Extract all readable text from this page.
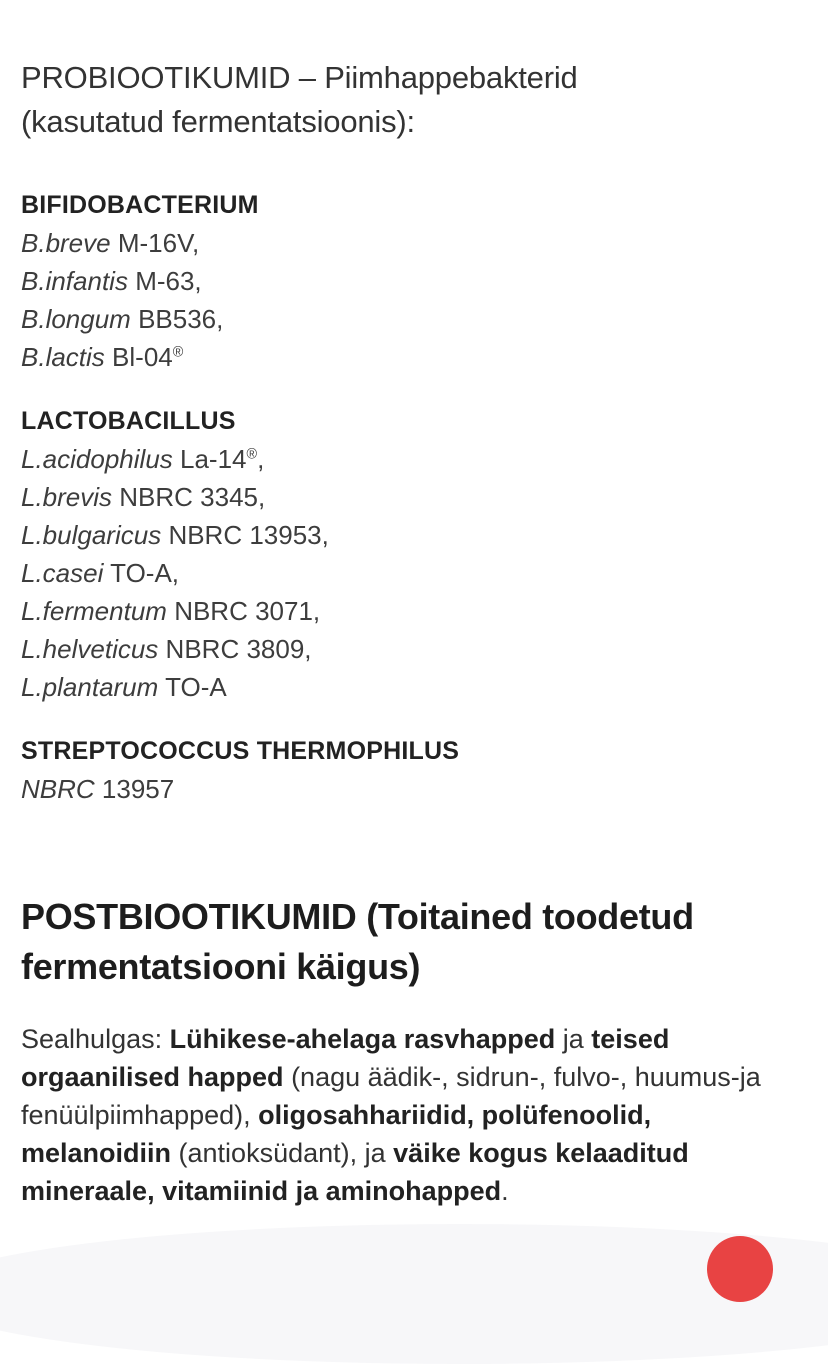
PROBIOOTIKUMID – Piimhappebakterid (kasutatud fermentatsioonis):
BIFIDOBACTERIUM
B.breve M-16V,
B.infantis M-63,
B.longum BB536,
B.lactis Bl-04®
LACTOBACILLUS
L.acidophilus La-14®,
L.brevis NBRC 3345,
L.bulgaricus NBRC 13953,
L.casei TO-A,
L.fermentum NBRC 3071,
L.helveticus NBRC 3809,
L.plantarum TO-A
STREPTOCOCCUS THERMOPHILUS
NBRC 13957
POSTBIOOTIKUMID (Toitained toodetud fermentatsiooni käigus)

Sealhulgas: Lühikese-ahelaga rasvhapped ja teised orgaanilised happed (nagu äädik-, sidrun-, fulvo-, huumus-ja fenüülpiimhapped), oligosahhariidid, polüfenoolid, melanoidiin (antioksüdant), ja väike kogus kelaaditud mineraale, vitamiinid ja aminohapped.
